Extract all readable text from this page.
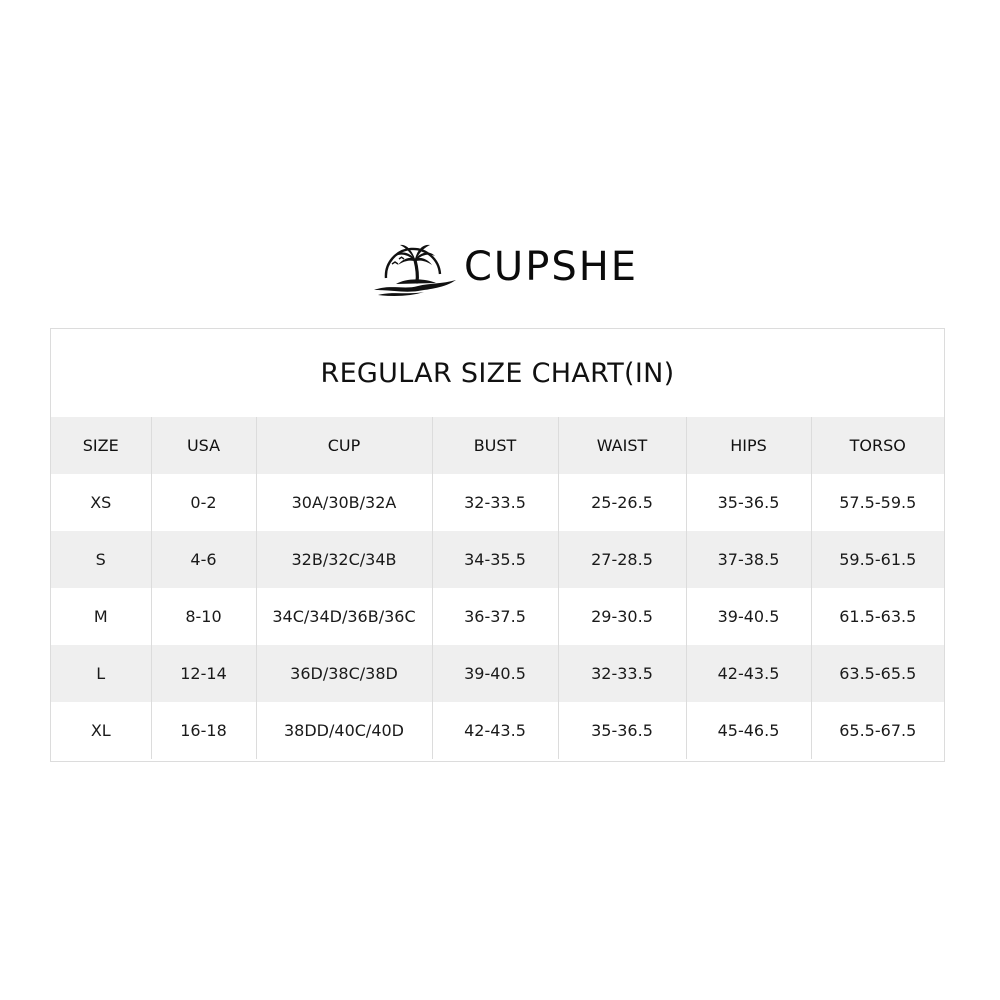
CUPSHE
REGULAR SIZE CHART(IN)
SIZE	USA	CUP	BUST	WAIST	HIPS	TORSO
XS	0-2	30A/30B/32A	32-33.5	25-26.5	35-36.5	57.5-59.5
S	4-6	32B/32C/34B	34-35.5	27-28.5	37-38.5	59.5-61.5
M	8-10	34C/34D/36B/36C	36-37.5	29-30.5	39-40.5	61.5-63.5
L	12-14	36D/38C/38D	39-40.5	32-33.5	42-43.5	63.5-65.5
XL	16-18	38DD/40C/40D	42-43.5	35-36.5	45-46.5	65.5-67.5
